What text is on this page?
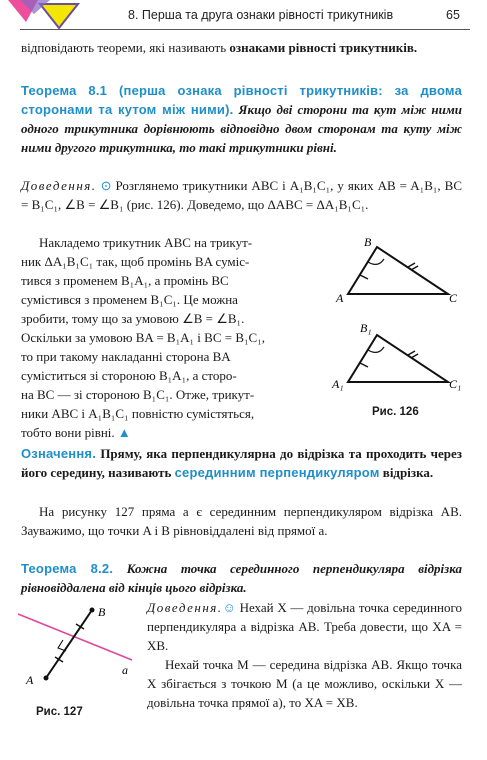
8. Перша та друга ознаки рівності трикутників	65
відповідають теореми, які називають ознаками рівності трикутників.
Теорема 8.1 (перша ознака рівності трикутників: за двома сторонами та кутом між ними). Якщо дві сторони та кут між ними одного трикутника дорівнюють відповідно двом сторонам та куту між ними другого трикутника, то такі трикутники рівні.
Доведення. ⊙ Розглянемо трикутники ABC і A₁B₁C₁, у яких AB = A₁B₁, BC = B₁C₁, ∠B = ∠B₁ (рис. 126). Доведемо, що ΔABC = ΔA₁B₁C₁.
Накладемо трикутник ABC на трикут-
ник ΔA₁B₁C₁ так, щоб промінь BA суміс-
тився з променем B₁A₁, а промінь BC
сумістився з променем B₁C₁. Це можна
зробити, тому що за умовою ∠B = ∠B₁.
Оскільки за умовою BA = B₁A₁ і BC = B₁C₁,
то при такому накладанні сторона BA
суміститься зі стороною B₁A₁, а сторо-
на BC — зі стороною B₁C₁. Отже, трикут-
ники ABC і A₁B₁C₁ повністю сумістяться,
тобто вони рівні. ▲
B
A	C
B₁
A₁	C₁
Рис. 126
Означення. Пряму, яка перпендикулярна до відрізка та проходить через його середину, називають серединним перпендикуляром відрізка.
На рисунку 127 пряма a є серединним перпендикуляром відрізка AB. Зауважимо, що точки A і B рівновіддалені від прямої a.
Теорема 8.2. Кожна точка серединного перпендикуляра відрізка рівновіддалена від кінців цього відрізка.
B
A
a
Рис. 127
Доведення.☺ Нехай X — довільна точка серединного перпендикуляра a відрізка AB. Треба довести, що XA = XB.
Нехай точка M — середина відрізка AB. Якщо точка X збігається з точкою M (а це можливо, оскільки X — довільна точка прямої a), то XA = XB.
